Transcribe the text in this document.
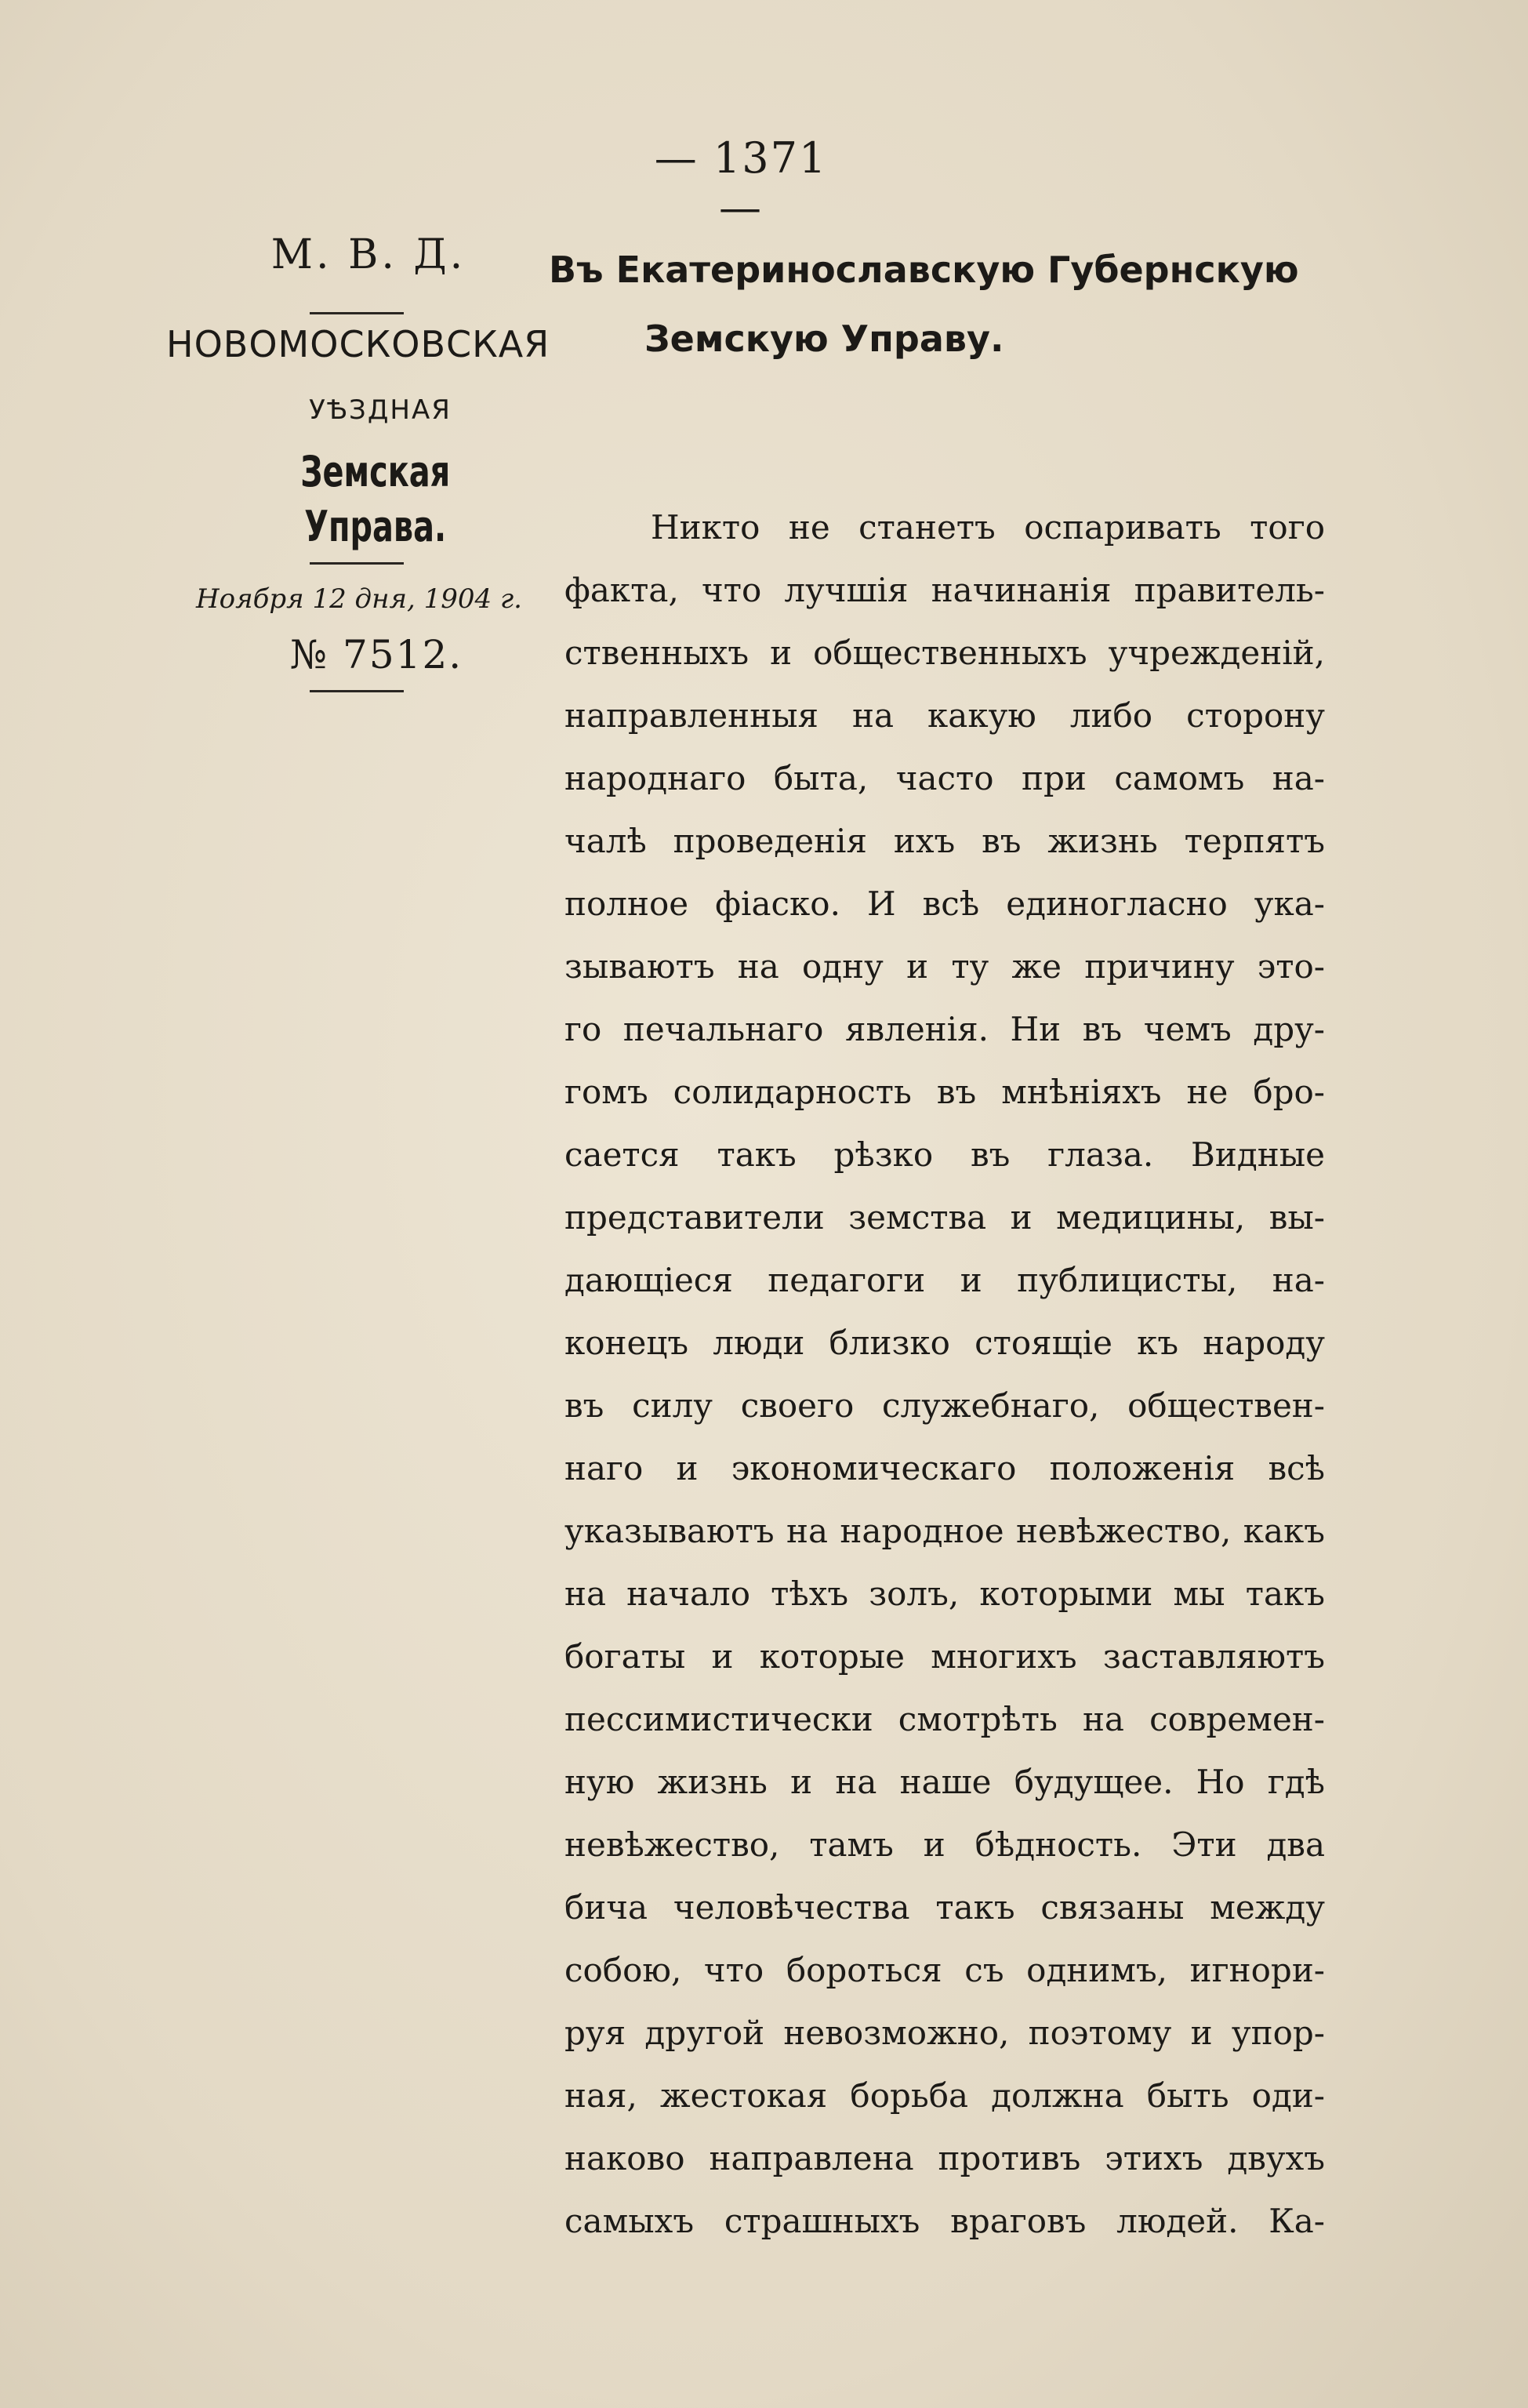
— 1371 —
М. В. Д.
НОВОМОСКОВСКАЯ
УѢЗДНАЯ
Земская Управа.
Ноября 12 дня, 1904 г.
№ 7512.
Въ Екатеринославскую Губернскую
Земскую Управу.
Никто не станетъ оспаривать того
факта, что лучшія начинанія правитель-
ственныхъ и общественныхъ учрежденій,
направленныя на какую либо сторону
народнаго быта, часто при самомъ на-
чалѣ проведенія ихъ въ жизнь терпятъ
полное фіаско. И всѣ единогласно ука-
зываютъ на одну и ту же причину это-
го печальнаго явленія. Ни въ чемъ дру-
гомъ солидарность въ мнѣніяхъ не бро-
сается такъ рѣзко въ глаза. Видные
представители земства и медицины, вы-
дающіеся педагоги и публицисты, на-
конецъ люди близко стоящіе къ народу
въ силу своего служебнаго, обществен-
наго и экономическаго положенія всѣ
указываютъ на народное невѣжество, какъ
на начало тѣхъ золъ, которыми мы такъ
богаты и которые многихъ заставляютъ
пессимистически смотрѣть на современ-
ную жизнь и на наше будущее. Но гдѣ
невѣжество, тамъ и бѣдность. Эти два
бича человѣчества такъ связаны между
собою, что бороться съ однимъ, игнори-
руя другой невозможно, поэтому и упор-
ная, жестокая борьба должна быть оди-
наково направлена противъ этихъ двухъ
самыхъ страшныхъ враговъ людей. Ка-
